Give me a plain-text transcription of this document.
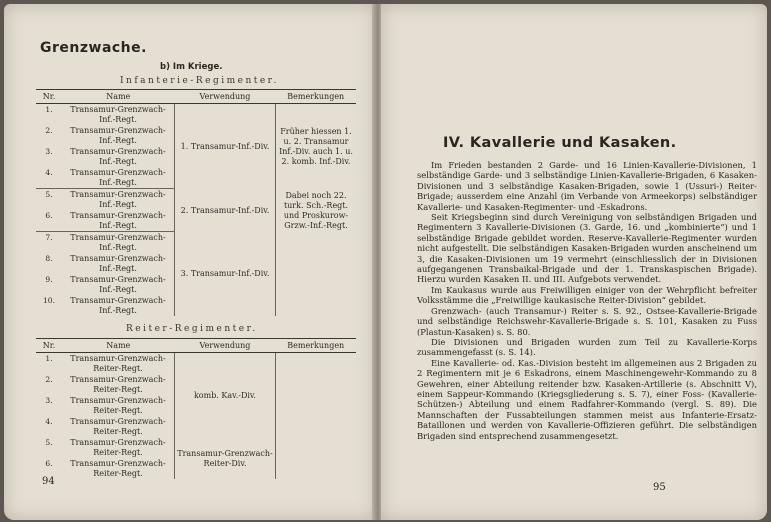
Grenzwache.
b) Im Kriege.
Infanterie-Regimenter.
Nr.	Name	Verwendung	Bemerkungen
1.	Transamur-Grenzwach-Inf.-Regt.	1. Transamur-Inf.-Div.	Früher hiessen 1. u. 2. Transamur Inf.-Div. auch 1. u. 2. komb. Inf.-Div.
2.	Transamur-Grenzwach-Inf.-Regt.		
3.	Transamur-Grenzwach-Inf.-Regt.		
4.	Transamur-Grenzwach-Inf.-Regt.		
5.	Transamur-Grenzwach-Inf.-Regt.	2. Transamur-Inf.-Div.	Dabei noch 22. turk. Sch.-Regt. und Proskurow-Grzw.-Inf.-Regt.
6.	Transamur-Grenzwach-Inf.-Regt.		
7.	Transamur-Grenzwach-Inf.-Regt.	3. Transamur-Inf.-Div.	
8.	Transamur-Grenzwach-Inf.-Regt.		
9.	Transamur-Grenzwach-Inf.-Regt.		
10.	Transamur-Grenzwach-Inf.-Regt.		
Reiter-Regimenter.
Nr.	Name	Verwendung	Bemerkungen
1.	Transamur-Grenzwach-Reiter-Regt.	komb. Kav.-Div.	
2.	Transamur-Grenzwach-Reiter-Regt.		
3.	Transamur-Grenzwach-Reiter-Regt.		
4.	Transamur-Grenzwach-Reiter-Regt.		
5.	Transamur-Grenzwach-Reiter-Regt.	Transamur-Grenzwach-Reiter-Div.	
6.	Transamur-Grenzwach-Reiter-Regt.		
94
IV. Kavallerie und Kasaken.

Im Frieden bestanden 2 Garde- und 16 Linien-Kavallerie-Divisionen, 1 selbständige Garde- und 3 selbständige Linien-Kavallerie-Brigaden, 6 Kasaken-Divisionen und 3 selbständige Kasaken-Brigaden, sowie 1 (Ussuri-) Reiter-Brigade; ausserdem eine Anzahl (im Verbande von Armeekorps) selbständiger Kavallerie- und Kasaken-Regimenter- und -Eskadrons.

Seit Kriegsbeginn sind durch Vereinigung von selbständigen Brigaden und Regimentern 3 Kavallerie-Divisionen (3. Garde, 16. und „kombinierte“) und 1 selbständige Brigade gebildet worden. Reserve-Kavallerie-Regimenter wurden nicht aufgestellt. Die selbständigen Kasaken-Brigaden wurden anscheinend um 3, die Kasaken-Divisionen um 19 vermehrt (einschliesslich der in Divisionen aufgegangenen Transbaikal-Brigade und der 1. Transkaspischen Brigade). Hierzu wurden Kasaken II. und III. Aufgebots verwendet.

Im Kaukasus wurde aus Freiwilligen einiger von der Wehrpflicht befreiter Volksstämme die „Freiwillige kaukasische Reiter-Division“ gebildet.

Grenzwach- (auch Transamur-) Reiter s. S. 92., Ostsee-Kavallerie-Brigade und selbständige Reichswehr-Kavallerie-Brigade s. S. 101, Kasaken zu Fuss (Plastun-Kasaken) s. S. 80.

Die Divisionen und Brigaden wurden zum Teil zu Kavallerie-Korps zusammengefasst (s. S. 14).

Eine Kavallerie- od. Kas.-Division besteht im allgemeinen aus 2 Brigaden zu 2 Regimentern mit je 6 Eskadrons, einem Maschinengewehr-Kommando zu 8 Gewehren, einer Abteilung reitender bzw. Kasaken-Artillerie (s. Abschnitt V), einem Sappeur-Kommando (Kriegsgliederung s. S. 7), einer Foss- (Kavallerie-Schützen-) Abteilung und einem Radfahrer-Kommando (vergl. S. 89). Die Mannschaften der Fussabteilungen stammen meist aus Infanterie-Ersatz-Bataillonen und werden von Kavallerie-Offizieren geführt. Die selbständigen Brigaden sind entsprechend zusammengesetzt.

95
